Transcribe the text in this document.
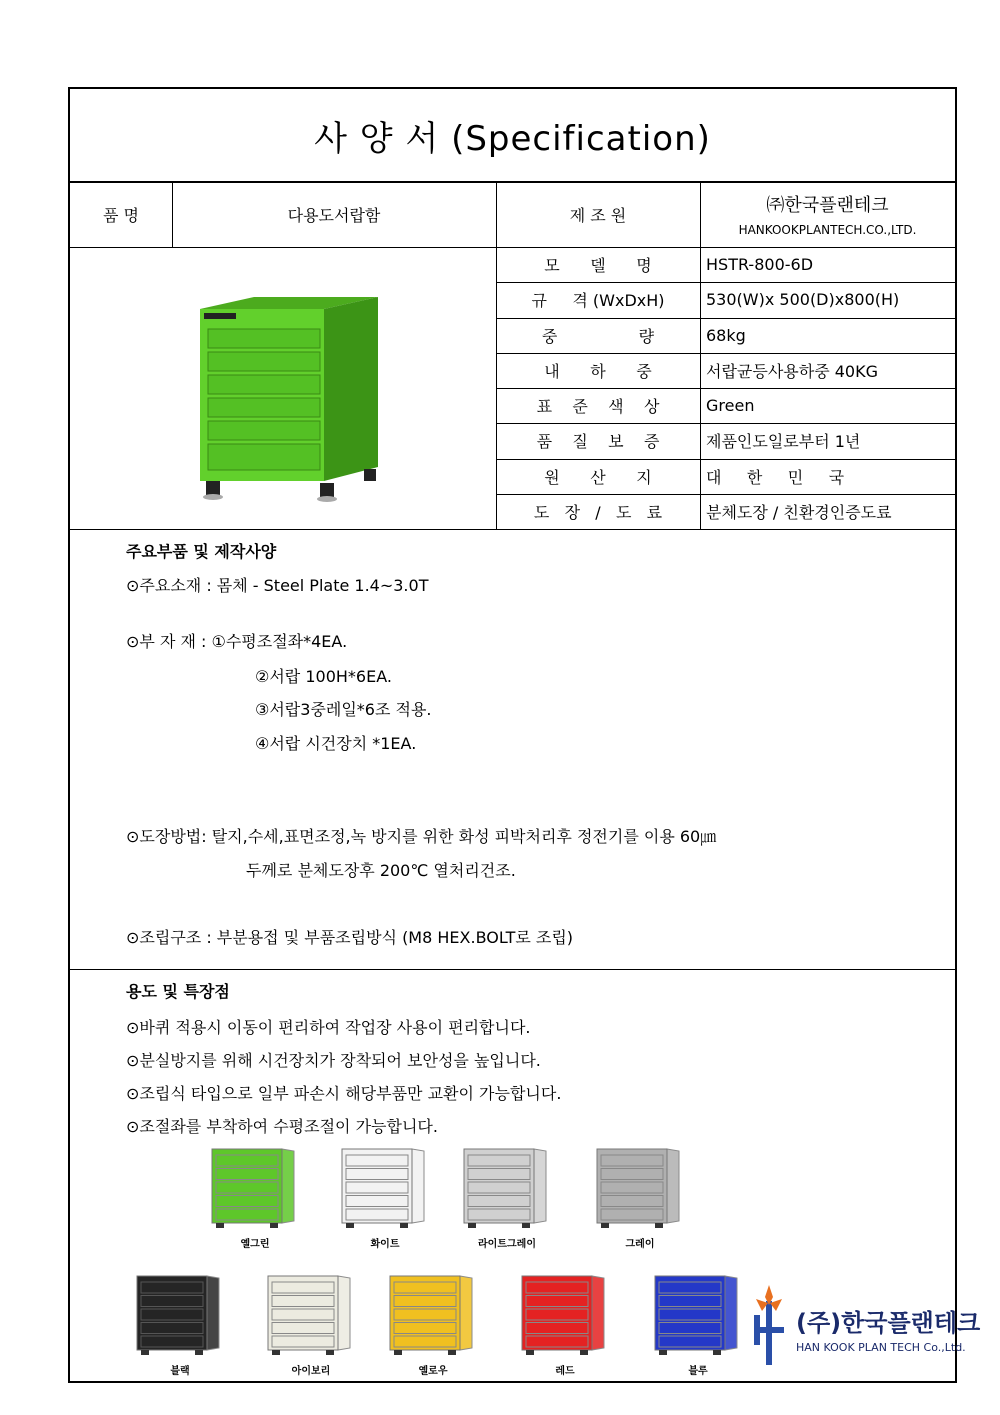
사 양 서 (Specification)
품 명	다용도서랍함	제 조 원	㈜한국플랜테크
HANKOOKPLANTECH.CO.,LTD.
모      델      명	HSTR-800-6D
규     격 (WxDxH)	530(W)x 500(D)x800(H)
중                량	68kg
내      하      중	서랍균등사용하중 40KG
표    준    색    상	Green
품    질    보    증	제품인도일로부터 1년
원      산      지	대     한     민     국
도   장   /   도   료	분체도장 / 친환경인증도료
주요부품 및 제작사양
⊙주요소재 : 몸체 - Steel Plate 1.4~3.0T
⊙부 자 재 : ①수평조절좌*4EA.
②서랍 100H*6EA.
③서랍3중레일*6조 적용.
④서랍 시건장치 *1EA.
⊙도장방법: 탈지,수세,표면조정,녹 방지를 위한 화성 피박처리후 정전기를 이용 60㎛
두께로 분체도장후 200℃ 열처리건조.
⊙조립구조 : 부분용접 및 부품조립방식 (M8 HEX.BOLT로 조립)
용도 및 특장점
⊙바퀴 적용시 이동이 편리하여 작업장 사용이 편리합니다.
⊙분실방지를 위해 시건장치가 장착되어 보안성을 높입니다.
⊙조립식 타입으로 일부 파손시 해당부품만 교환이 가능합니다.
⊙조절좌를 부착하여 수평조절이 가능합니다.
옐그린	화이트	라이트그레이	그레이
블랙	아이보리	옐로우	레드	블루
(주)한국플랜테크
HAN KOOK PLAN TECH Co.,Ltd.
